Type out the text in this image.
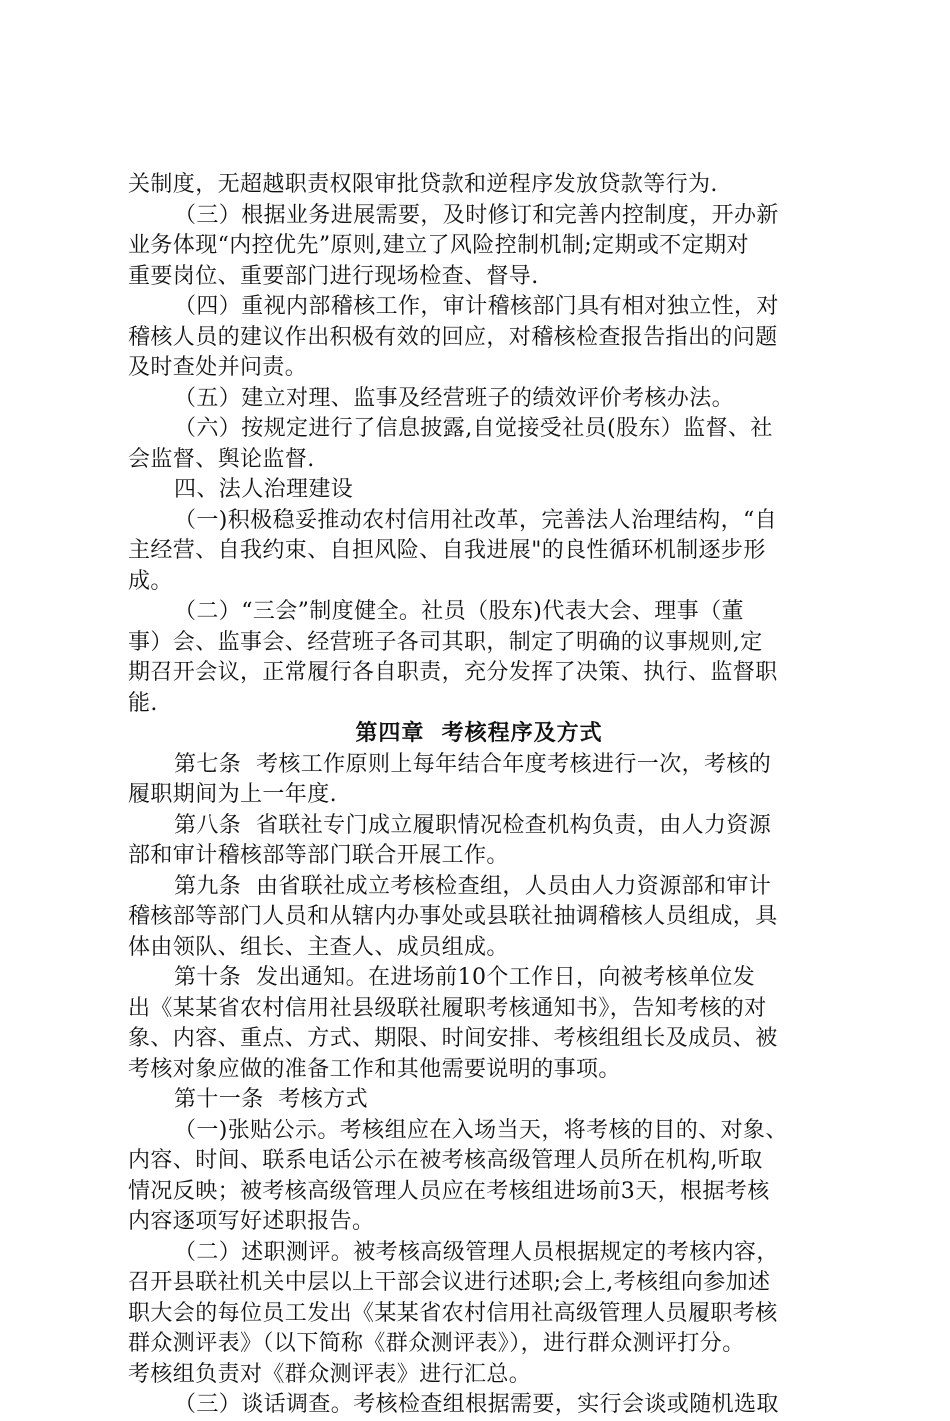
关制度，无超越职责权限审批贷款和逆程序发放贷款等行为.
（三）根据业务进展需要，及时修订和完善内控制度，开办新
业务体现“内控优先”原则,建立了风险控制机制;定期或不定期对
重要岗位、重要部门进行现场检查、督导.
（四）重视内部稽核工作，审计稽核部门具有相对独立性，对
稽核人员的建议作出积极有效的回应，对稽核检查报告指出的问题
及时查处并问责。
（五）建立对理、监事及经营班子的绩效评价考核办法。
（六）按规定进行了信息披露,自觉接受社员(股东）监督、社
会监督、舆论监督.
四、法人治理建设
（一)积极稳妥推动农村信用社改革，完善法人治理结构，“自
主经营、自我约束、自担风险、自我进展"的良性循环机制逐步形
成。
（二）“三会”制度健全。社员（股东)代表大会、理事（董
事）会、监事会、经营班子各司其职，制定了明确的议事规则,定
期召开会议，正常履行各自职责，充分发挥了决策、执行、监督职
能.
第四章  考核程序及方式
第七条  考核工作原则上每年结合年度考核进行一次，考核的
履职期间为上一年度.
第八条  省联社专门成立履职情况检查机构负责，由人力资源
部和审计稽核部等部门联合开展工作。
第九条  由省联社成立考核检查组，人员由人力资源部和审计
稽核部等部门人员和从辖内办事处或县联社抽调稽核人员组成，具
体由领队、组长、主查人、成员组成。
第十条  发出通知。在进场前10个工作日，向被考核单位发
出《某某省农村信用社县级联社履职考核通知书》，告知考核的对
象、内容、重点、方式、期限、时间安排、考核组组长及成员、被
考核对象应做的准备工作和其他需要说明的事项。
第十一条  考核方式
（一)张贴公示。考核组应在入场当天，将考核的目的、对象、
内容、时间、联系电话公示在被考核高级管理人员所在机构,听取
情况反映；被考核高级管理人员应在考核组进场前3天，根据考核
内容逐项写好述职报告。
（二）述职测评。被考核高级管理人员根据规定的考核内容，
召开县联社机关中层以上干部会议进行述职;会上,考核组向参加述
职大会的每位员工发出《某某省农村信用社高级管理人员履职考核
群众测评表》（以下简称《群众测评表》），进行群众测评打分。
考核组负责对《群众测评表》进行汇总。
（三）谈话调查。考核检查组根据需要，实行会谈或随机选取
